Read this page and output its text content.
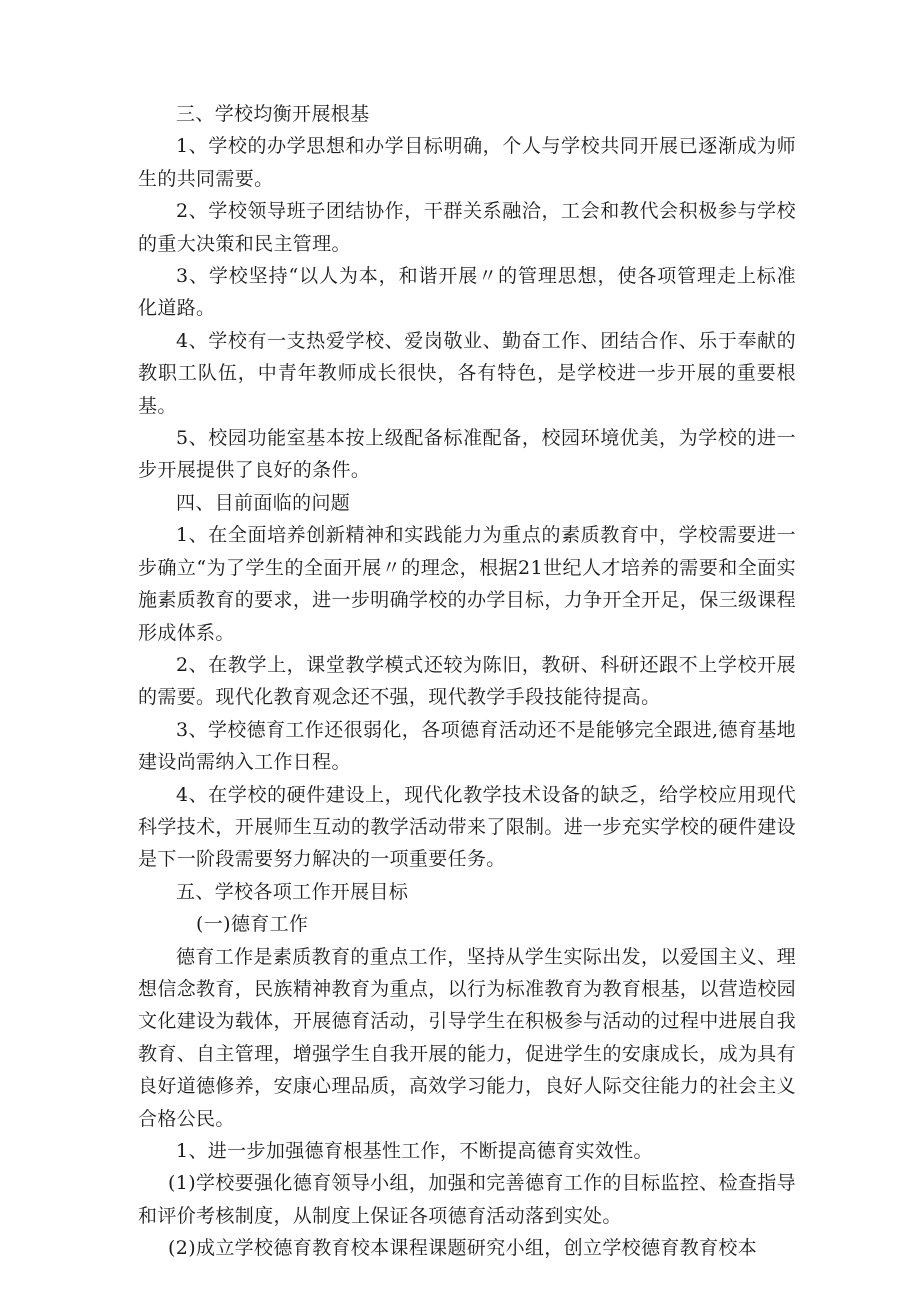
三、学校均衡开展根基

1、学校的办学思想和办学目标明确，个人与学校共同开展已逐渐成为师生的共同需要。

2、学校领导班子团结协作，干群关系融洽，工会和教代会积极参与学校的重大决策和民主管理。

3、学校坚持“以人为本，和谐开展〃的管理思想，使各项管理走上标准化道路。

4、学校有一支热爱学校、爱岗敬业、勤奋工作、团结合作、乐于奉献的教职工队伍，中青年教师成长很快，各有特色，是学校进一步开展的重要根基。

5、校园功能室基本按上级配备标准配备，校园环境优美，为学校的进一步开展提供了良好的条件。

四、目前面临的问题

1、在全面培养创新精神和实践能力为重点的素质教育中，学校需要进一步确立“为了学生的全面开展〃的理念，根据21世纪人才培养的需要和全面实施素质教育的要求，进一步明确学校的办学目标，力争开全开足，保三级课程形成体系。

2、在教学上，课堂教学模式还较为陈旧，教研、科研还跟不上学校开展的需要。现代化教育观念还不强，现代教学手段技能待提高。

3、学校德育工作还很弱化，各项德育活动还不是能够完全跟进,德育基地建设尚需纳入工作日程。

4、在学校的硬件建设上，现代化教学技术设备的缺乏，给学校应用现代科学技术，开展师生互动的教学活动带来了限制。进一步充实学校的硬件建设是下一阶段需要努力解决的一项重要任务。

五、学校各项工作开展目标

(一)德育工作

德育工作是素质教育的重点工作，坚持从学生实际出发，以爱国主义、理想信念教育，民族精神教育为重点，以行为标准教育为教育根基，以营造校园文化建设为载体，开展德育活动，引导学生在积极参与活动的过程中进展自我教育、自主管理，增强学生自我开展的能力，促进学生的安康成长，成为具有良好道德修养，安康心理品质，高效学习能力，良好人际交往能力的社会主义合格公民。

1、进一步加强德育根基性工作，不断提高德育实效性。

(1)学校要强化德育领导小组，加强和完善德育工作的目标监控、检查指导和评价考核制度，从制度上保证各项德育活动落到实处。

(2)成立学校德育教育校本课程课题研究小组，创立学校德育教育校本
